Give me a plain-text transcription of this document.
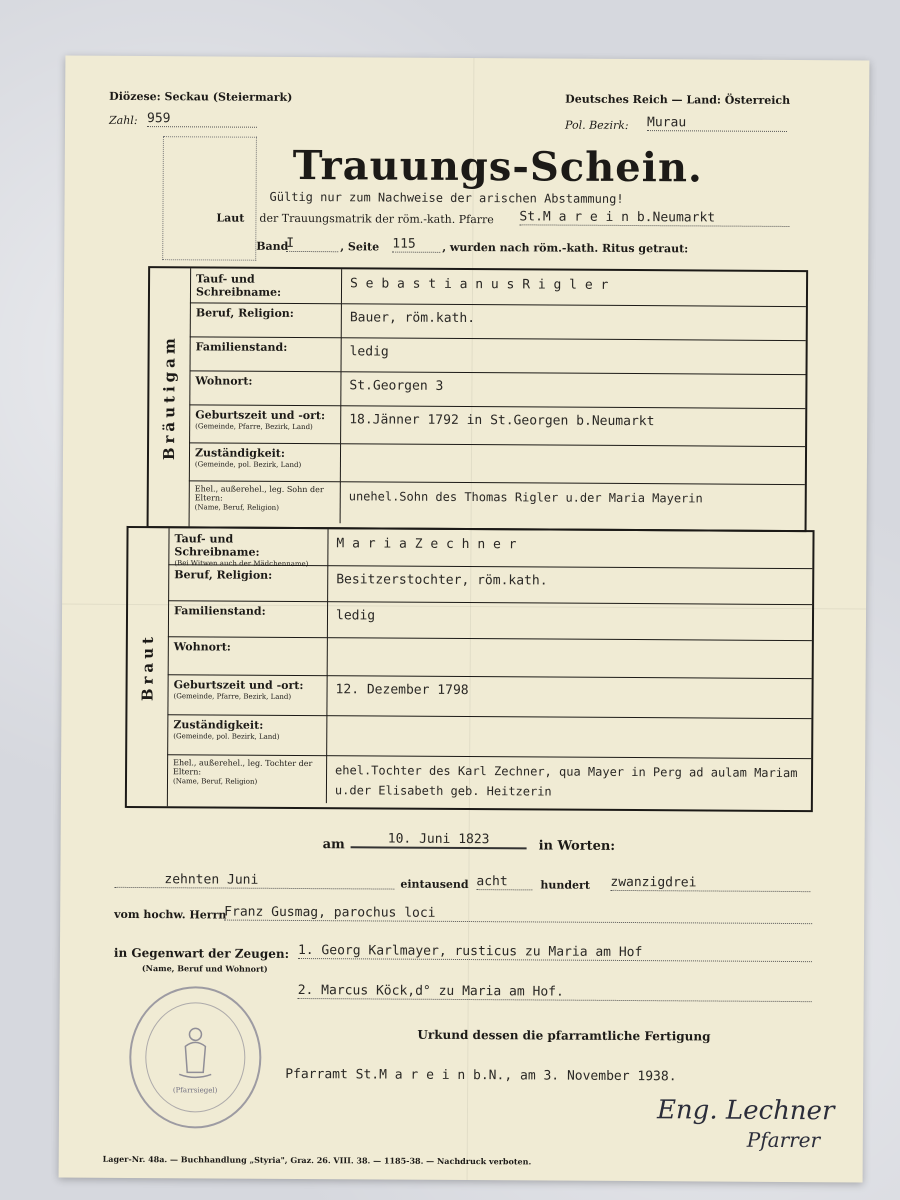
Diözese: Seckau (Steiermark)	Deutsches Reich — Land: Österreich
Zahl: 959	Pol. Bezirk: Murau
Trauungs-Schein.
Gültig nur zum Nachweise der arischen Abstammung!
Laut der Trauungsmatrik der röm.-kath. Pfarre St.M a r e i n b.Neumarkt
Band
I	, Seite 115	, wurden nach röm.-kath. Ritus getraut:
Bräutigam
Tauf- und Schreibname:	S e b a s t i a n u s R i g l e r
Beruf, Religion:	Bauer, röm.kath.
Familienstand:	ledig
Wohnort:	St.Georgen 3
Geburtszeit und -ort:
(Gemeinde, Pfarre, Bezirk, Land)	18.Jänner 1792 in St.Georgen b.Neumarkt
Zuständigkeit:
(Gemeinde, pol. Bezirk, Land)
Ehel., außerehel., leg. Sohn der Eltern:
(Name, Beruf, Religion)
unehel.Sohn des Thomas Rigler u.der Maria Mayerin
Braut
Tauf- und Schreibname:
(Bei Witwen auch der Mädchenname)
M a r i a Z e c h n e r
Beruf, Religion:	Besitzerstochter, röm.kath.
Familienstand:	ledig
Wohnort:
Geburtszeit und -ort:
(Gemeinde, Pfarre, Bezirk, Land)	12. Dezember 1798
Zuständigkeit:
(Gemeinde, pol. Bezirk, Land)
Ehel., außerehel., leg. Tochter der Eltern:
(Name, Beruf, Religion)
ehel.Tochter des Karl Zechner, qua Mayer in Perg ad aulam Mariam u.der Elisabeth geb. Heitzerin
am	10. Juni 1823	in Worten:
zehnten Juni	eintausend acht	hundert zwanzigdrei
vom hochw. Herrn
Franz Gusmag, parochus loci
in Gegenwart der Zeugen:
(Name, Beruf und Wohnort)
1. Georg Karlmayer, rusticus zu Maria am Hof
2. Marcus Köck,d° zu Maria am Hof.
Urkund dessen die pfarramtliche Fertigung
Pfarramt St.M a r e i n b.N., am 3. November 1938.
(Pfarrsiegel)
Eng. Lechner
Pfarrer
Lager-Nr. 48a. — Buchhandlung „Styria", Graz. 26. VIII. 38. — 1185-38. — Nachdruck verboten.
